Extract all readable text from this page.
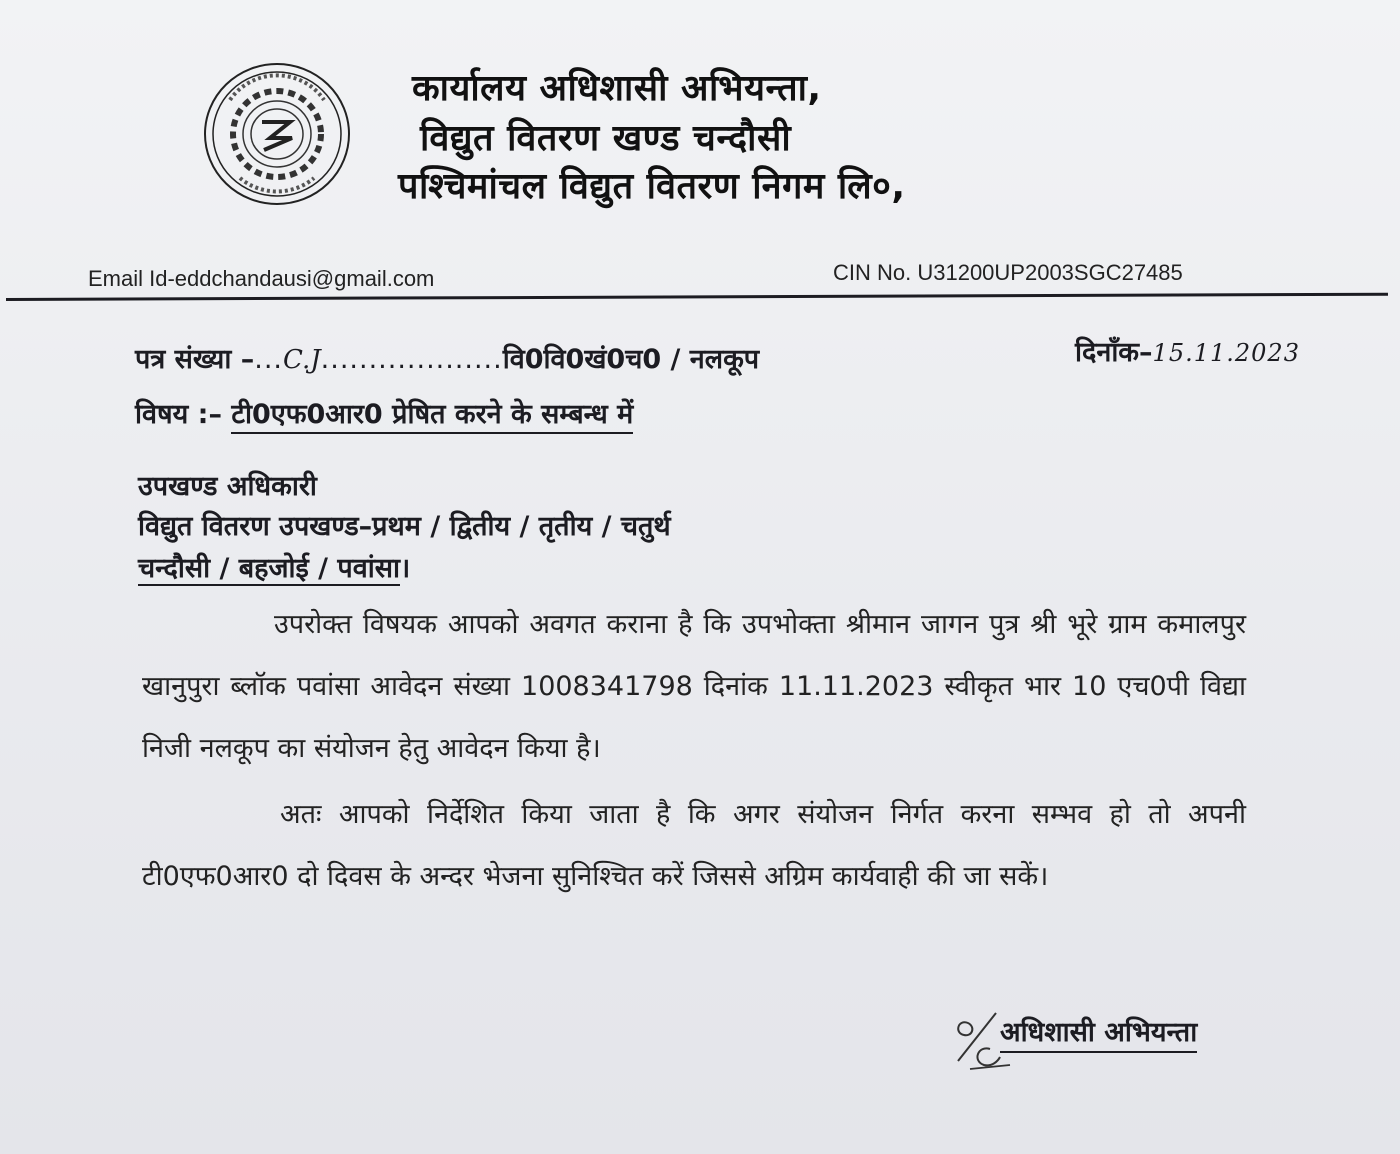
कार्यालय अधिशासी अभियन्ता,
विद्युत वितरण खण्ड चन्दौसी
पश्चिमांचल विद्युत वितरण निगम लि०,
Email Id-eddchandausi@gmail.com	CIN No. U31200UP2003SGC27485
पत्र संख्या –...C.J...................वि0वि0खं0च0 / नलकूप	दिनाँक–15.11.2023
विषय :– टी0एफ0आर0 प्रेषित करने के सम्बन्ध में
उपखण्ड अधिकारी
विद्युत वितरण उपखण्ड–प्रथम / द्वितीय / तृतीय / चतुर्थ
चन्दौसी / बहजोई / पवांसा।
उपरोक्त विषयक आपको अवगत कराना है कि उपभोक्ता श्रीमान जागन पुत्र श्री भूरे ग्राम कमालपुर खानुपुरा ब्लॉक पवांसा आवेदन संख्या 1008341798 दिनांक 11.11.2023 स्वीकृत भार 10 एच0पी विद्या निजी नलकूप का संयोजन हेतु आवेदन किया है।
अतः आपको निर्देशित किया जाता है कि अगर संयोजन निर्गत करना सम्भव हो तो अपनी टी0एफ0आर0 दो दिवस के अन्दर भेजना सुनिश्चित करें जिससे अग्रिम कार्यवाही की जा सकें।
अधिशासी अभियन्ता
